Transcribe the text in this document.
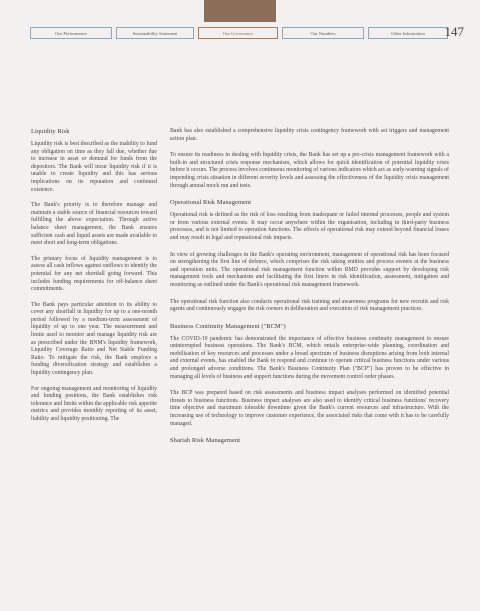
Our Performance	Sustainability Statement	Our Governance	Our Numbers	Other Information	147
Liquidity Risk

Liquidity risk is best described as the inability to fund any obligation on time as they fall due, whether due to increase in asset or demand for funds from the depositors. The Bank will incur liquidity risk if it is unable to create liquidity and this has serious implications on its reputation and continued existence.

The Bank's priority is to therefore manage and maintain a stable source of financial resources toward fulfilling the above expectation. Through active balance sheet management, the Bank ensures sufficient cash and liquid assets are made available to meet short and long-term obligations.

The primary focus of liquidity management is to assess all cash inflows against outflows to identify the potential for any net shortfall going forward. This includes funding requirements for off-balance sheet commitments.

The Bank pays particular attention to its ability to cover any shortfall in liquidity for up to a one-month period followed by a medium-term assessment of liquidity of up to one year. The measurement and limits used to monitor and manage liquidity risk are as prescribed under the BNM's liquidity framework, Liquidity Coverage Ratio and Net Stable Funding Ratio. To mitigate the risk, the Bank employs a funding diversification strategy and establishes a liquidity contingency plan.

For ongoing management and monitoring of liquidity and funding positions, the Bank establishes risk tolerance and limits within the applicable risk appetite metrics and provides monthly reporting of its asset, liability and liquidity positioning. The

Bank has also established a comprehensive liquidity crisis contingency framework with set triggers and management action plan.

To ensure its readiness in dealing with liquidity crisis, the Bank has set up a pre-crisis management framework with a built-in and structured crisis response mechanism, which allows for quick identification of potential liquidity crisis before it occurs. The process involves continuous monitoring of various indicators which act as early-warning signals of impending crisis situation in different severity levels and assessing the effectiveness of the liquidity crisis management through annual mock run and tests.

Operational Risk Management

Operational risk is defined as the risk of loss resulting from inadequate or failed internal processes, people and system or from various external events. It may occur anywhere within the organisation, including in third-party business processes, and is not limited to operation functions. The effects of operational risk may extend beyond financial losses and may result in legal and reputational risk impacts.

In view of growing challenges in the Bank's operating environment, management of operational risk has been focused on strengthening the first line of defence, which comprises the risk taking entities and process owners at the business and operation units. The operational risk management function within RMD provides support by developing risk management tools and mechanism and facilitating the first liners in risk identification, assessment, mitigation and monitoring as outlined under the Bank's operational risk management framework.

The operational risk function also conducts operational risk training and awareness programs for new recruits and risk agents and continuously engages the risk owners in deliberation and execution of risk management practices.

Business Continuity Management ("BCM")

The COVID-19 pandemic has demonstrated the importance of effective business continuity management to ensure uninterrupted business operations. The Bank's BCM, which entails enterprise-wide planning, coordination and mobilisation of key resources and processes under a broad spectrum of business disruptions arising from both internal and external events, has enabled the Bank to respond and continue to operate critical business functions under various and prolonged adverse conditions. The Bank's Business Continuity Plan ("BCP") has proven to be effective in managing all levels of business and support functions during the movement control order phases.

The BCP was prepared based on risk assessments and business impact analyses performed on identified potential threats to business functions. Business impact analyses are also used to identify critical business functions' recovery time objective and maximum tolerable downtime given the Bank's current resources and infrastructure. With the increasing use of technology to improve customer experience, the associated risks that come with it has to be carefully managed.

Shariah Risk Management
